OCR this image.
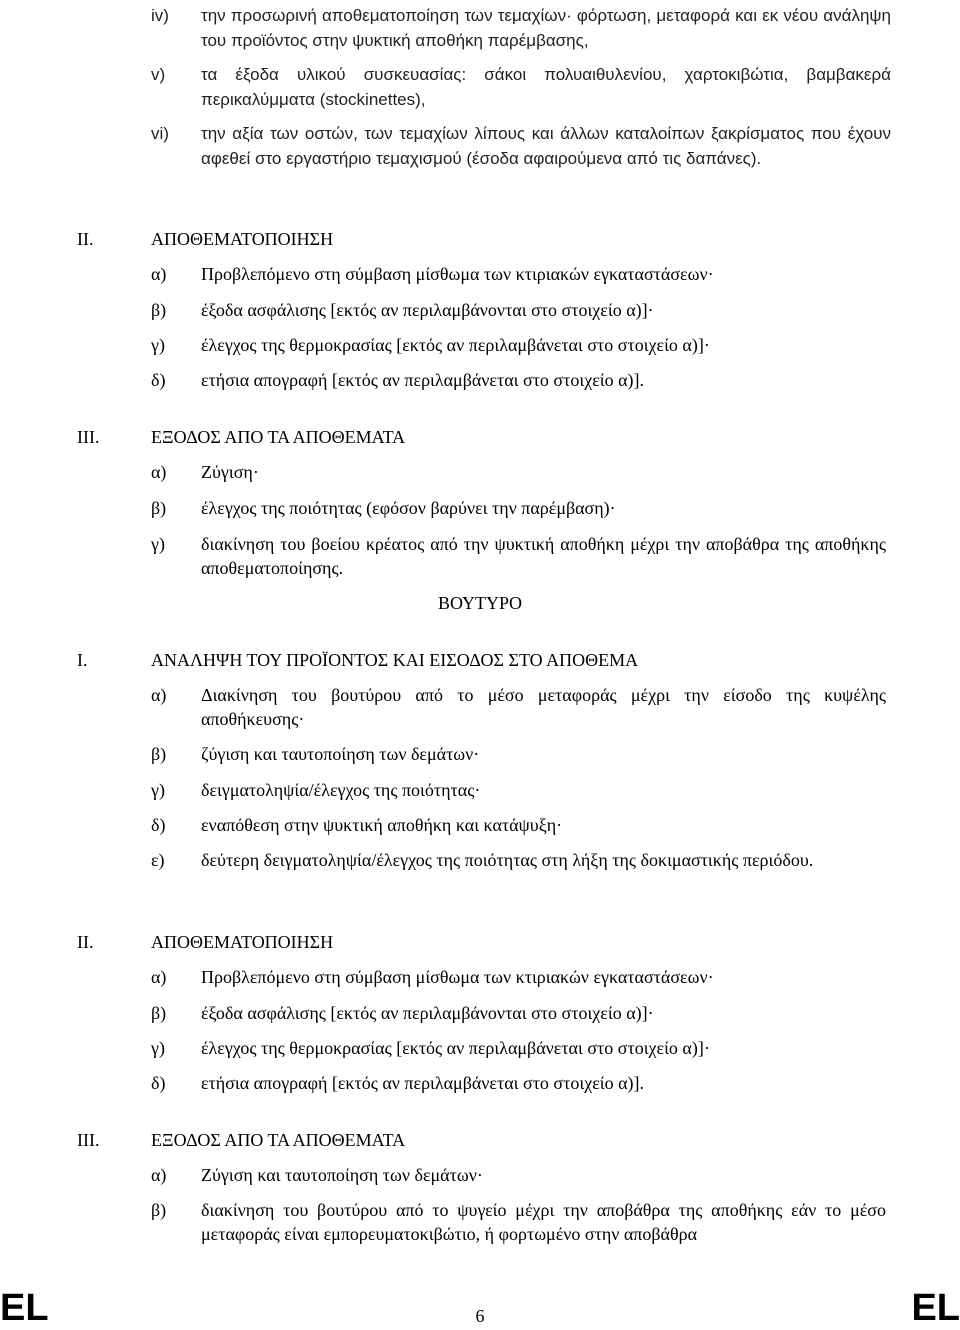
iv)	την προσωρινή αποθεματοποίηση των τεμαχίων· φόρτωση, μεταφορά και εκ νέου ανάληψη του προϊόντος στην ψυκτική αποθήκη παρέμβασης,
v)	τα έξοδα υλικού συσκευασίας: σάκοι πολυαιθυλενίου, χαρτοκιβώτια, βαμβακερά περικαλύμματα (stockinettes),
vi)	την αξία των οστών, των τεμαχίων λίπους και άλλων καταλοίπων ξακρίσματος που έχουν αφεθεί στο εργαστήριο τεμαχισμού (έσοδα αφαιρούμενα από τις δαπάνες).
II.	ΑΠΟΘΕΜΑΤΟΠΟΙΗΣΗ
α)	Προβλεπόμενο στη σύμβαση μίσθωμα των κτιριακών εγκαταστάσεων·
β)	έξοδα ασφάλισης [εκτός αν περιλαμβάνονται στο στοιχείο α)]·
γ)	έλεγχος της θερμοκρασίας [εκτός αν περιλαμβάνεται στο στοιχείο α)]·
δ)	ετήσια απογραφή [εκτός αν περιλαμβάνεται στο στοιχείο α)].
III.	ΕΞΟΔΟΣ ΑΠΟ ΤΑ ΑΠΟΘΕΜΑΤΑ
α)	Ζύγιση·
β)	έλεγχος της ποιότητας (εφόσον βαρύνει την παρέμβαση)·
γ)	διακίνηση του βοείου κρέατος από την ψυκτική αποθήκη μέχρι την αποβάθρα της αποθήκης αποθεματοποίησης.
ΒΟΥΤΥΡΟ
I.	ΑΝΑΛΗΨΗ ΤΟΥ ΠΡΟΪΟΝΤΟΣ ΚΑΙ ΕΙΣΟΔΟΣ ΣΤΟ ΑΠΟΘΕΜΑ
α)	Διακίνηση του βουτύρου από το μέσο μεταφοράς μέχρι την είσοδο της κυψέλης αποθήκευσης·
β)	ζύγιση και ταυτοποίηση των δεμάτων·
γ)	δειγματοληψία/έλεγχος της ποιότητας·
δ)	εναπόθεση στην ψυκτική αποθήκη και κατάψυξη·
ε)	δεύτερη δειγματοληψία/έλεγχος της ποιότητας στη λήξη της δοκιμαστικής περιόδου.
II.	ΑΠΟΘΕΜΑΤΟΠΟΙΗΣΗ
α)	Προβλεπόμενο στη σύμβαση μίσθωμα των κτιριακών εγκαταστάσεων·
β)	έξοδα ασφάλισης [εκτός αν περιλαμβάνονται στο στοιχείο α)]·
γ)	έλεγχος της θερμοκρασίας [εκτός αν περιλαμβάνεται στο στοιχείο α)]·
δ)	ετήσια απογραφή [εκτός αν περιλαμβάνεται στο στοιχείο α)].
III.	ΕΞΟΔΟΣ ΑΠΟ ΤΑ ΑΠΟΘΕΜΑΤΑ
α)	Ζύγιση και ταυτοποίηση των δεμάτων·
β)	διακίνηση του βουτύρου από το ψυγείο μέχρι την αποβάθρα της αποθήκης εάν το μέσο μεταφοράς είναι εμπορευματοκιβώτιο, ή φορτωμένο στην αποβάθρα
EL	6	EL
